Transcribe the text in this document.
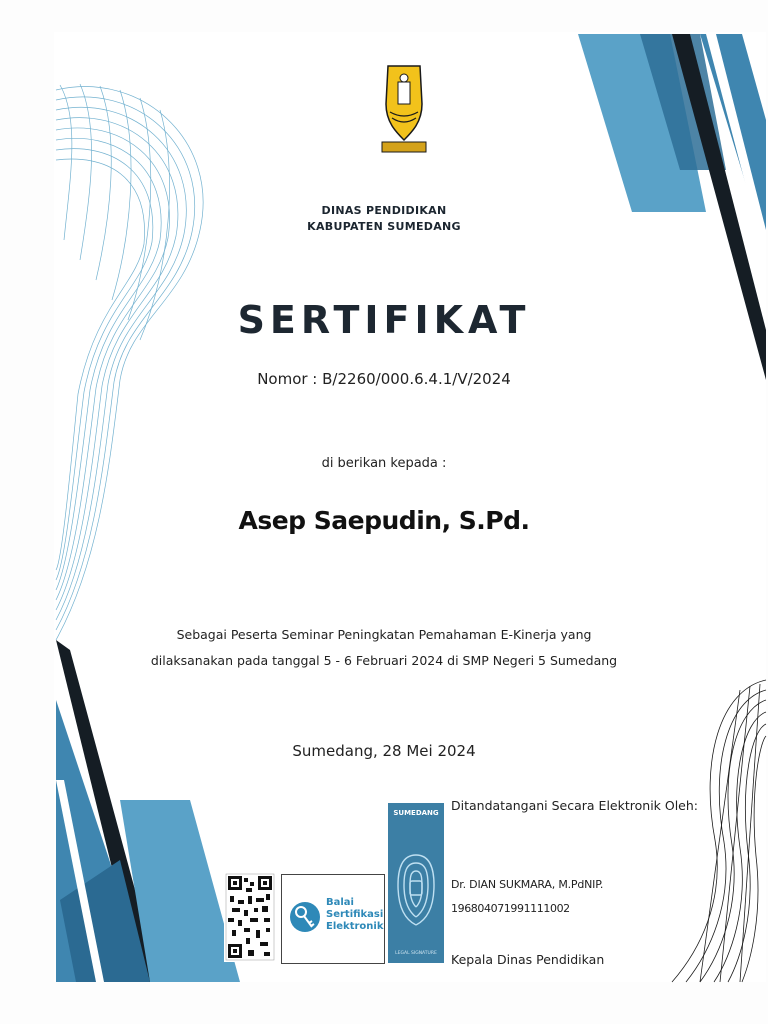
DINAS PENDIDIKAN
KABUPATEN SUMEDANG
SERTIFIKAT
Nomor : B/2260/000.6.4.1/V/2024
di berikan kepada :
Asep Saepudin, S.Pd.
Sebagai Peserta Seminar Peningkatan Pemahaman E-Kinerja yang
dilaksanakan pada tanggal 5 - 6 Februari 2024 di SMP Negeri 5 Sumedang
Sumedang, 28 Mei 2024
Balai
Sertifikasi
Elektronik
SUMEDANG
LEGAL SIGNATURE
Ditandatangani Secara Elektronik Oleh:
Dr. DIAN SUKMARA, M.PdNIP.
196804071991111002
Kepala Dinas Pendidikan
